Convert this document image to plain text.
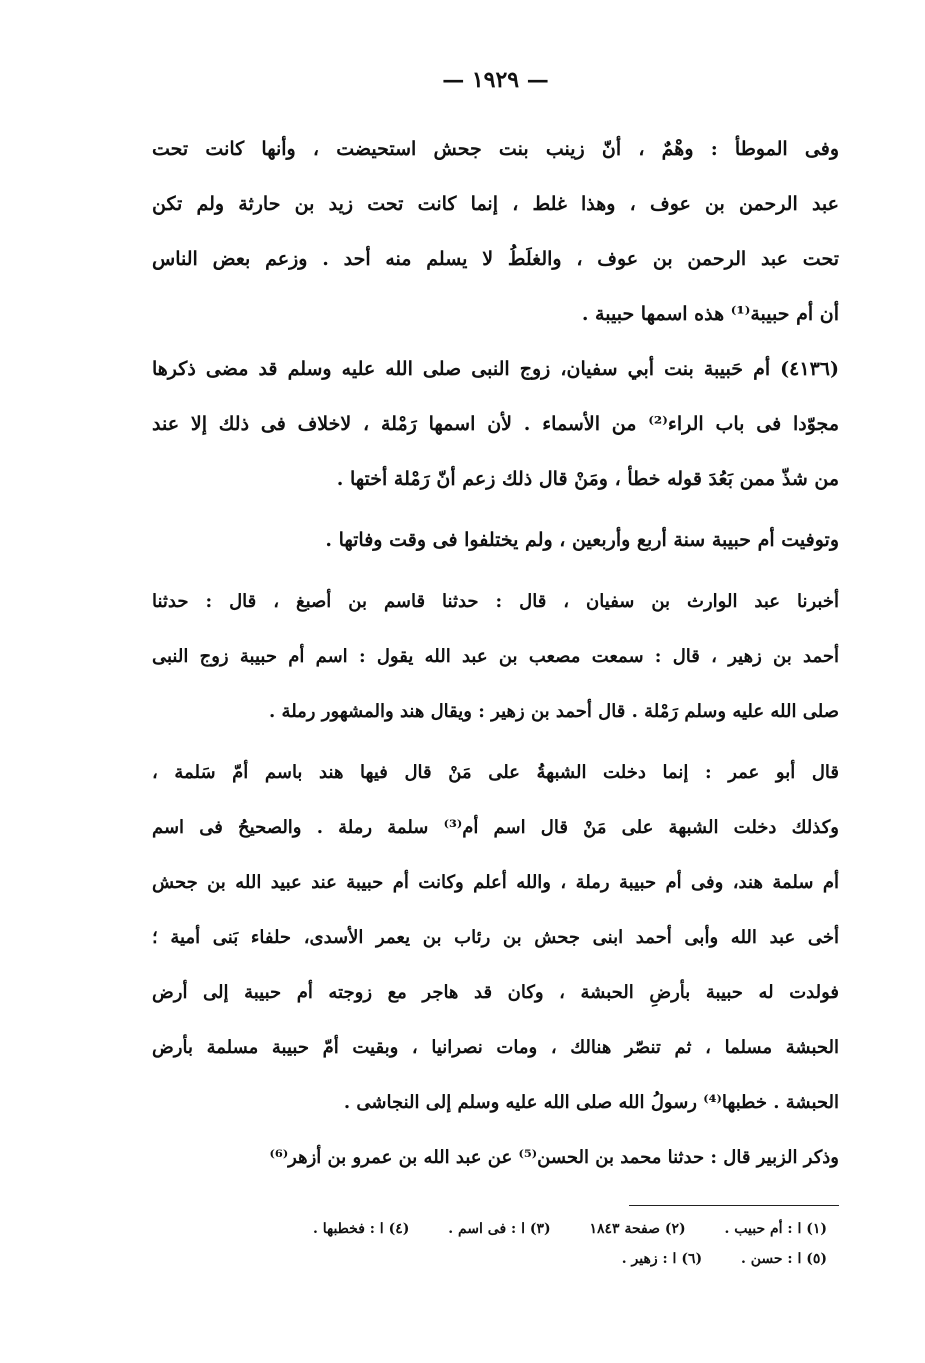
— ١٩٢٩ —
وفى الموطأ : وهْمٌ ، أنّ زينب بنت جحش استحيضت ، وأنها كانت تحت
عبد الرحمن بن عوف ، وهذا غلط ، إنما كانت تحت زيد بن حارثة ولم تكن
تحت عبد الرحمن بن عوف ، والغلَطُ لا يسلم منه أحد . وزعم بعض الناس
أن أم حبيبة⁽¹⁾ هذه اسمها حبيبة .
(٤١٣٦) أم حَبيبة بنت أبي سفيان، زوج النبى صلى الله عليه وسلم قد مضى ذكرها
مجوّدا فى باب الراء⁽²⁾ من الأسماء . لأن اسمها رَمْلة ، لاخلاف فى ذلك إلا عند
من شذّ ممن بَعُدَ قوله خطأ ، ومَنْ قال ذلك زعم أنّ رَمْلة أختها .
وتوفيت أم حبيبة سنة أربع وأربعين ، ولم يختلفوا فى وقت وفاتها .
أخبرنا عبد الوارث بن سفيان ، قال : حدثنا قاسم بن أصبغ ، قال : حدثنا
أحمد بن زهير ، قال : سمعت مصعب بن عبد الله يقول : اسم أم حبيبة زوج النبى
صلى الله عليه وسلم رَمْلة . قال أحمد بن زهير : ويقال هند والمشهور رملة .
قال أبو عمر : إنما دخلت الشبهةُ على مَنْ قال فيها هند باسم أمّ سَلمة ،
وكذلك دخلت الشبهة على مَنْ قال اسم أم⁽³⁾ سلمة رملة . والصحيحُ فى اسم
أم سلمة هند، وفى أم حبيبة رملة ، والله أعلم وكانت أم حبيبة عند عبيد الله بن جحش
أخى عبد الله وأبى أحمد ابنى جحش بن رئاب بن يعمر الأسدى، حلفاء بَنى أمية ؛
فولدت له حبيبة بأرضِ الحبشة ، وكان قد هاجر مع زوجته أم حبيبة إلى أرض
الحبشة مسلما ، ثم تنصّر هنالك ، ومات نصرانيا ، وبقيت أمّ حبيبة مسلمة بأرض
الحبشة . خطبها⁽⁴⁾ رسولُ الله صلى الله عليه وسلم إلى النجاشى .
وذكر الزبير قال : حدثنا محمد بن الحسن⁽⁵⁾ عن عبد الله بن عمرو بن أزهر⁽⁶⁾
(١) ا : أم حبيب . (٢) صفحة ١٨٤٣ (٣) ا : فى اسم . (٤) ا : فخطبها .
(٥) ا : حسن . (٦) ا : زهير .
